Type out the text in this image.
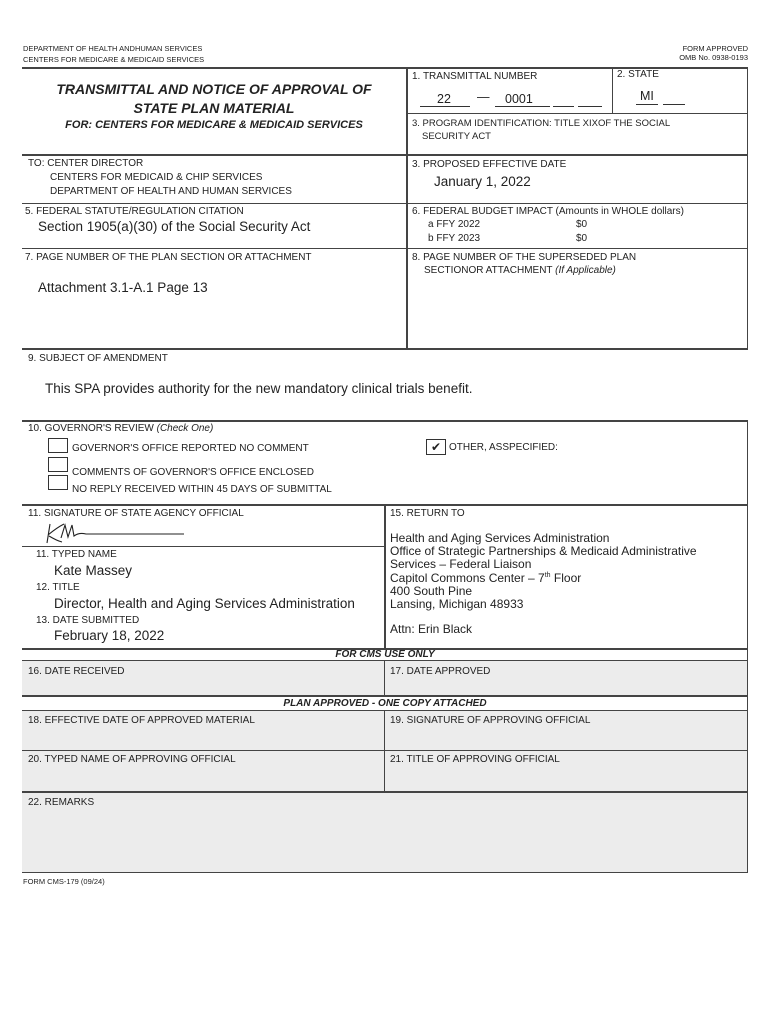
DEPARTMENT OF HEALTH ANDHUMAN SERVICES
CENTERS FOR MEDICARE & MEDICAID SERVICES
FORM APPROVED
OMB No. 0938-0193
TRANSMITTAL AND NOTICE OF APPROVAL OF
STATE PLAN MATERIAL
FOR: CENTERS FOR MEDICARE & MEDICAID SERVICES
1. TRANSMITTAL NUMBER
22 — 0001
2. STATE
MI
3. PROGRAM IDENTIFICATION: TITLE XIXOF THE SOCIAL
SECURITY ACT
TO: CENTER DIRECTOR
CENTERS FOR MEDICAID & CHIP SERVICES
DEPARTMENT OF HEALTH AND HUMAN SERVICES
3. PROPOSED EFFECTIVE DATE
January 1, 2022
5. FEDERAL STATUTE/REGULATION CITATION
Section 1905(a)(30) of the Social Security Act
6. FEDERAL BUDGET IMPACT (Amounts in WHOLE dollars)
a FFY 2022	$0
b FFY 2023	$0
7. PAGE NUMBER OF THE PLAN SECTION OR ATTACHMENT
Attachment 3.1-A.1 Page 13
8. PAGE NUMBER OF THE SUPERSEDED PLAN
SECTIONOR ATTACHMENT (If Applicable)
9. SUBJECT OF AMENDMENT
This SPA provides authority for the new mandatory clinical trials benefit.
10. GOVERNOR'S REVIEW (Check One)
GOVERNOR'S OFFICE REPORTED NO COMMENT
COMMENTS OF GOVERNOR'S OFFICE ENCLOSED
NO REPLY RECEIVED WITHIN 45 DAYS OF SUBMITTAL
✔ OTHER, ASSPECIFIED:
11. SIGNATURE OF STATE AGENCY OFFICIAL
11. TYPED NAME
Kate Massey
12. TITLE
Director, Health and Aging Services Administration
13. DATE SUBMITTED
February 18, 2022
15. RETURN TO
Health and Aging Services Administration
Office of Strategic Partnerships & Medicaid Administrative
Services – Federal Liaison
Capitol Commons Center – 7th Floor
400 South Pine
Lansing, Michigan 48933
Attn: Erin Black
FOR CMS USE ONLY
16. DATE RECEIVED	17. DATE APPROVED
PLAN APPROVED - ONE COPY ATTACHED
18. EFFECTIVE DATE OF APPROVED MATERIAL	19. SIGNATURE OF APPROVING OFFICIAL
20. TYPED NAME OF APPROVING OFFICIAL	21. TITLE OF APPROVING OFFICIAL
22. REMARKS
FORM CMS-179 (09/24)
